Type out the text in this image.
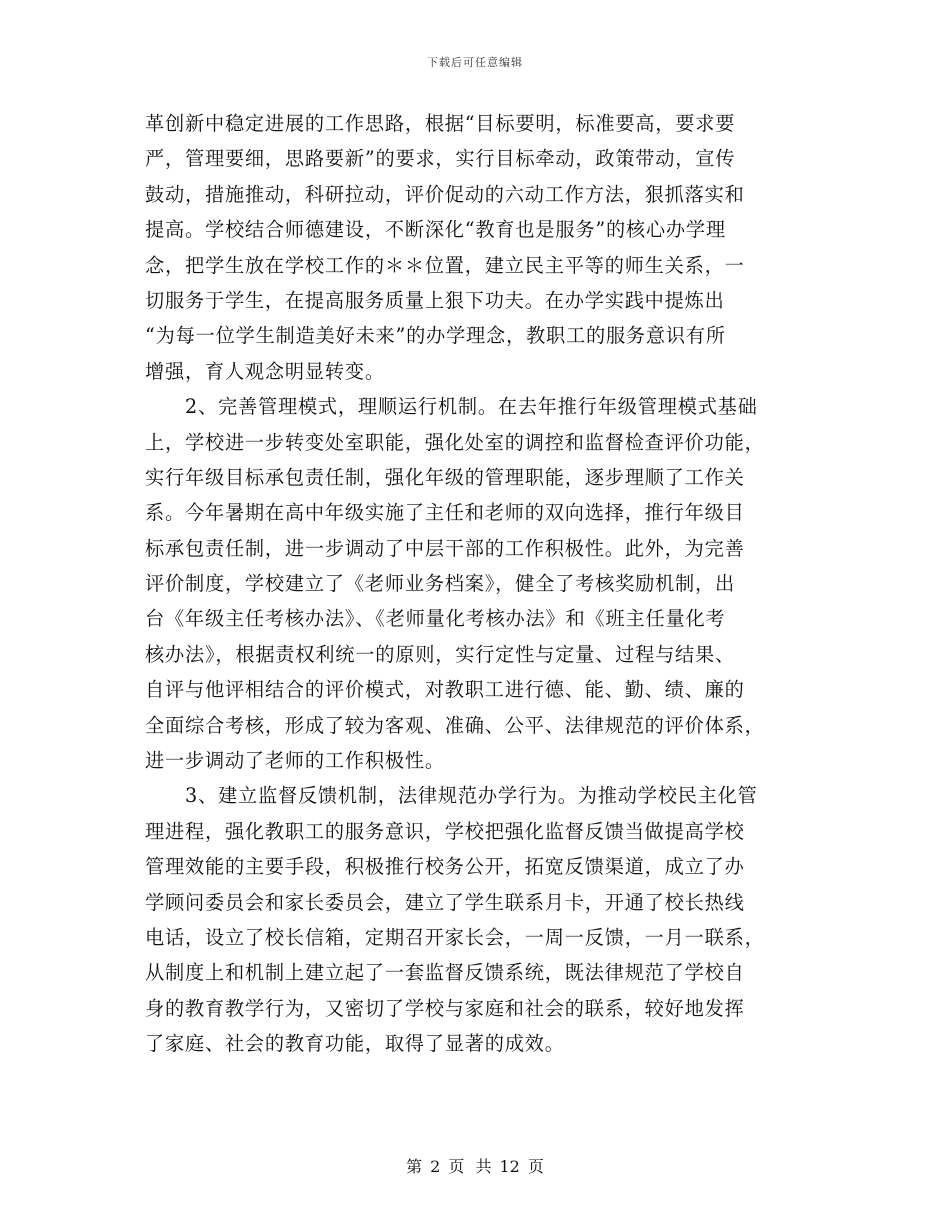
下载后可任意编辑
革创新中稳定进展的工作思路，根据“目标要明，标准要高，要求要
严，管理要细，思路要新”的要求，实行目标牵动，政策带动，宣传
鼓动，措施推动，科研拉动，评价促动的六动工作方法，狠抓落实和
提高。学校结合师德建设，不断深化“教育也是服务”的核心办学理
念，把学生放在学校工作的＊＊位置，建立民主平等的师生关系，一
切服务于学生，在提高服务质量上狠下功夫。在办学实践中提炼出
“为每一位学生制造美好未来”的办学理念，教职工的服务意识有所
增强，育人观念明显转变。
2、完善管理模式，理顺运行机制。在去年推行年级管理模式基础
上，学校进一步转变处室职能，强化处室的调控和监督检查评价功能，
实行年级目标承包责任制，强化年级的管理职能，逐步理顺了工作关
系。今年暑期在高中年级实施了主任和老师的双向选择，推行年级目
标承包责任制，进一步调动了中层干部的工作积极性。此外，为完善
评价制度，学校建立了《老师业务档案》，健全了考核奖励机制，出
台《年级主任考核办法》、《老师量化考核办法》和《班主任量化考
核办法》，根据责权利统一的原则，实行定性与定量、过程与结果、
自评与他评相结合的评价模式，对教职工进行德、能、勤、绩、廉的
全面综合考核，形成了较为客观、准确、公平、法律规范的评价体系，
进一步调动了老师的工作积极性。
3、建立监督反馈机制，法律规范办学行为。为推动学校民主化管
理进程，强化教职工的服务意识，学校把强化监督反馈当做提高学校
管理效能的主要手段，积极推行校务公开，拓宽反馈渠道，成立了办
学顾问委员会和家长委员会，建立了学生联系月卡，开通了校长热线
电话，设立了校长信箱，定期召开家长会，一周一反馈，一月一联系，
从制度上和机制上建立起了一套监督反馈系统，既法律规范了学校自
身的教育教学行为，又密切了学校与家庭和社会的联系，较好地发挥
了家庭、社会的教育功能，取得了显著的成效。
第 2 页 共 12 页
